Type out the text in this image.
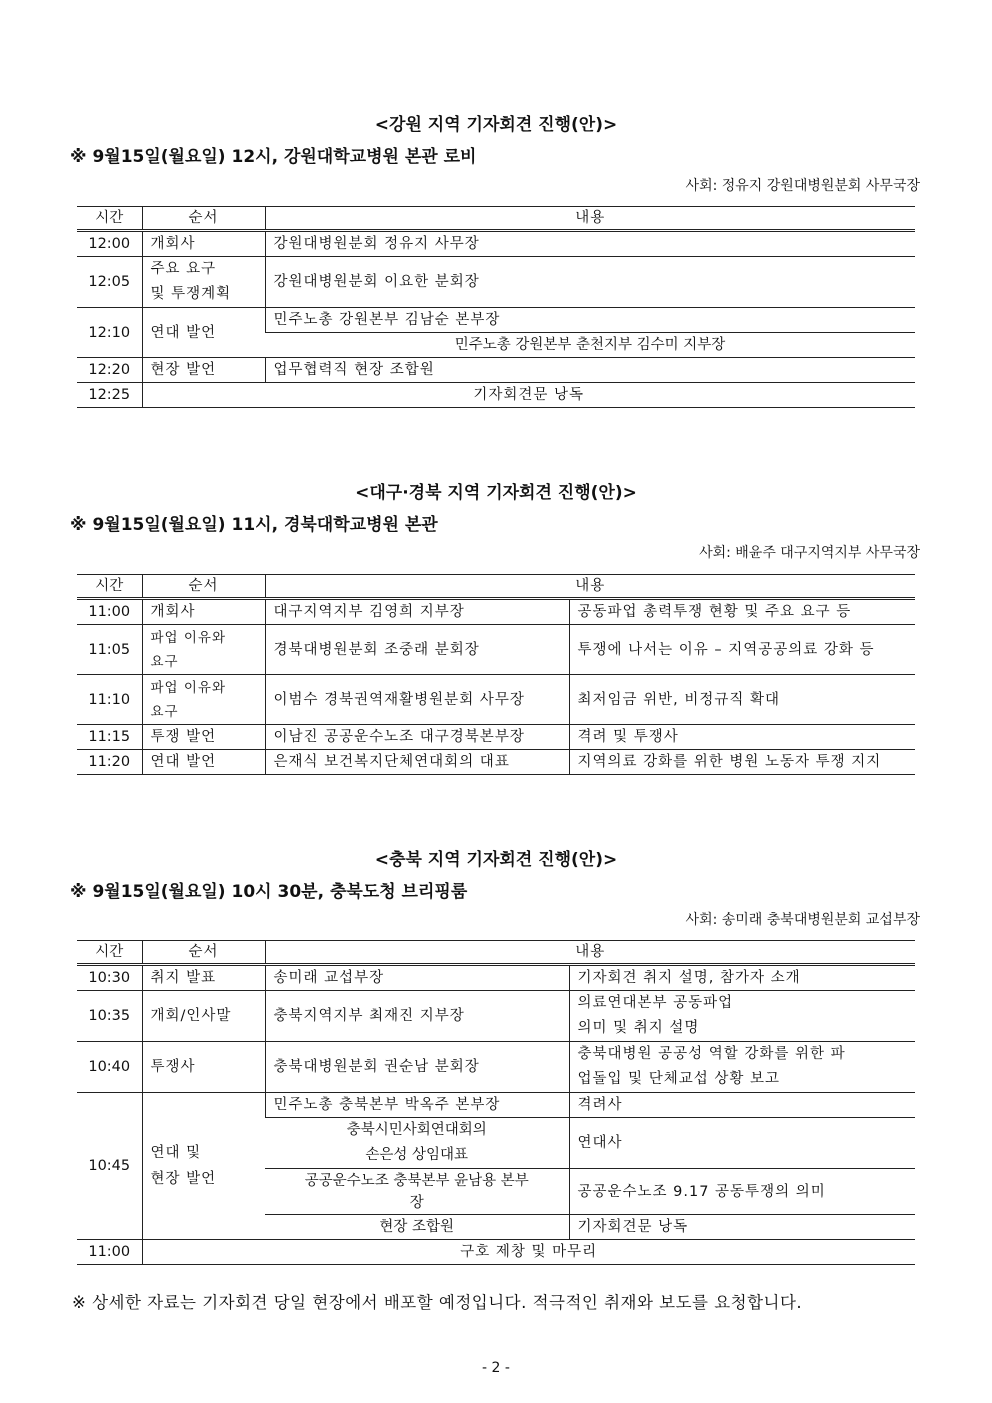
<강원 지역 기자회견 진행(안)>
※ 9월15일(월요일) 12시, 강원대학교병원 본관 로비
사회: 정유지 강원대병원분회 사무국장
시간	순서	내용
12:00	개회사	강원대병원분회 정유지 사무장
12:05	주요 요구
및 투쟁계획	강원대병원분회 이요한 분회장
12:10	연대 발언	민주노총 강원본부 김남순 본부장
		민주노총 강원본부 춘천지부 김수미 지부장
12:20	현장 발언	업무협력직 현장 조합원
12:25	기자회견문 낭독	
<대구·경북 지역 기자회견 진행(안)>
※ 9월15일(월요일) 11시, 경북대학교병원 본관
사회: 배윤주 대구지역지부 사무국장
시간	순서	내용	
11:00	개회사	대구지역지부 김영희 지부장	공동파업 총력투쟁 현황 및 주요 요구 등
11:05	파업 이유와
요구	경북대병원분회 조중래 분회장	투쟁에 나서는 이유 – 지역공공의료 강화 등
11:10	파업 이유와
요구	이범수 경북권역재활병원분회 사무장	최저임금 위반, 비정규직 확대
11:15	투쟁 발언	이남진 공공운수노조 대구경북본부장	격려 및 투쟁사
11:20	연대 발언	은재식 보건복지단체연대회의 대표	지역의료 강화를 위한 병원 노동자 투쟁 지지
<충북 지역 기자회견 진행(안)>
※ 9월15일(월요일) 10시 30분, 충북도청 브리핑룸
사회: 송미래 충북대병원분회 교섭부장
시간	순서	내용	
10:30	취지 발표	송미래 교섭부장	기자회견 취지 설명, 참가자 소개
10:35	개회/인사말	충북지역지부 최재진 지부장	의료연대본부 공동파업
의미 및 취지 설명
10:40	투쟁사	충북대병원분회 권순남 분회장	충북대병원 공공성 역할 강화를 위한 파
업돌입 및 단체교섭 상황 보고
10:45	연대 및
현장 발언	민주노총 충북본부 박옥주 본부장	격려사
		충북시민사회연대회의
손은성 상임대표	연대사
		공공운수노조 충북본부 윤남용 본부
장	공공운수노조 9.17 공동투쟁의 의미
		현장 조합원	기자회견문 낭독
11:00	구호 제창 및 마무리		
※ 상세한 자료는 기자회견 당일 현장에서 배포할 예정입니다. 적극적인 취재와 보도를 요청합니다.
- 2 -
